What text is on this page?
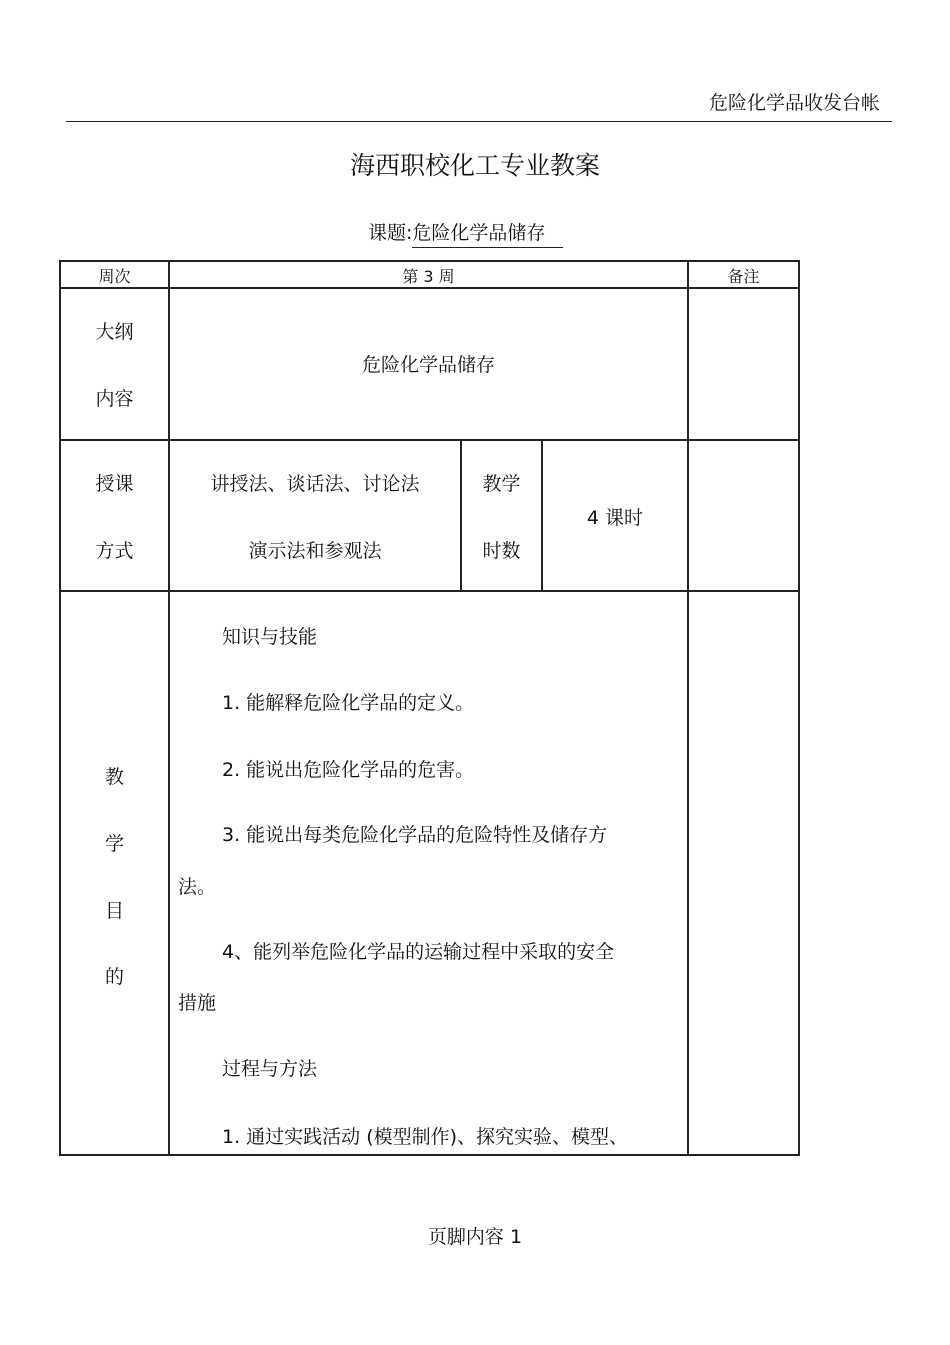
危险化学品收发台帐
海西职校化工专业教案
课题:危险化学品储存
周次	第 3 周	备注
大纲
内容
危险化学品储存
授课
方式
讲授法、谈话法、讨论法
演示法和参观法
教学
时数
4 课时
教
学
目
的
知识与技能
1. 能解释危险化学品的定义。
2. 能说出危险化学品的危害。
3. 能说出每类危险化学品的危险特性及储存方
法。
4、能列举危险化学品的运输过程中采取的安全
措施
过程与方法
1. 通过实践活动 (模型制作)、探究实验、模型、
页脚内容 1
